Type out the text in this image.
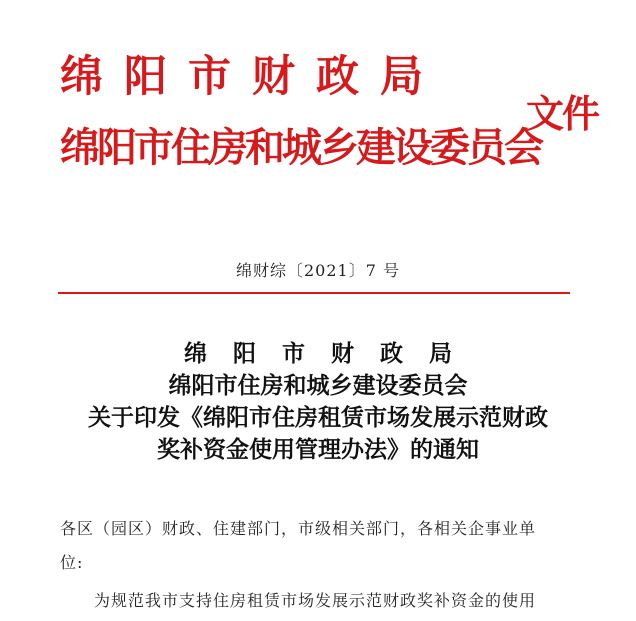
绵阳市财政局
绵阳市住房和城乡建设委员会
文件
绵财综〔2021〕7 号
绵阳市财政局
绵阳市住房和城乡建设委员会
关于印发《绵阳市住房租赁市场发展示范财政
奖补资金使用管理办法》的通知
各区（园区）财政、住建部门，市级相关部门，各相关企事业单
位:
为规范我市支持住房租赁市场发展示范财政奖补资金的使用
